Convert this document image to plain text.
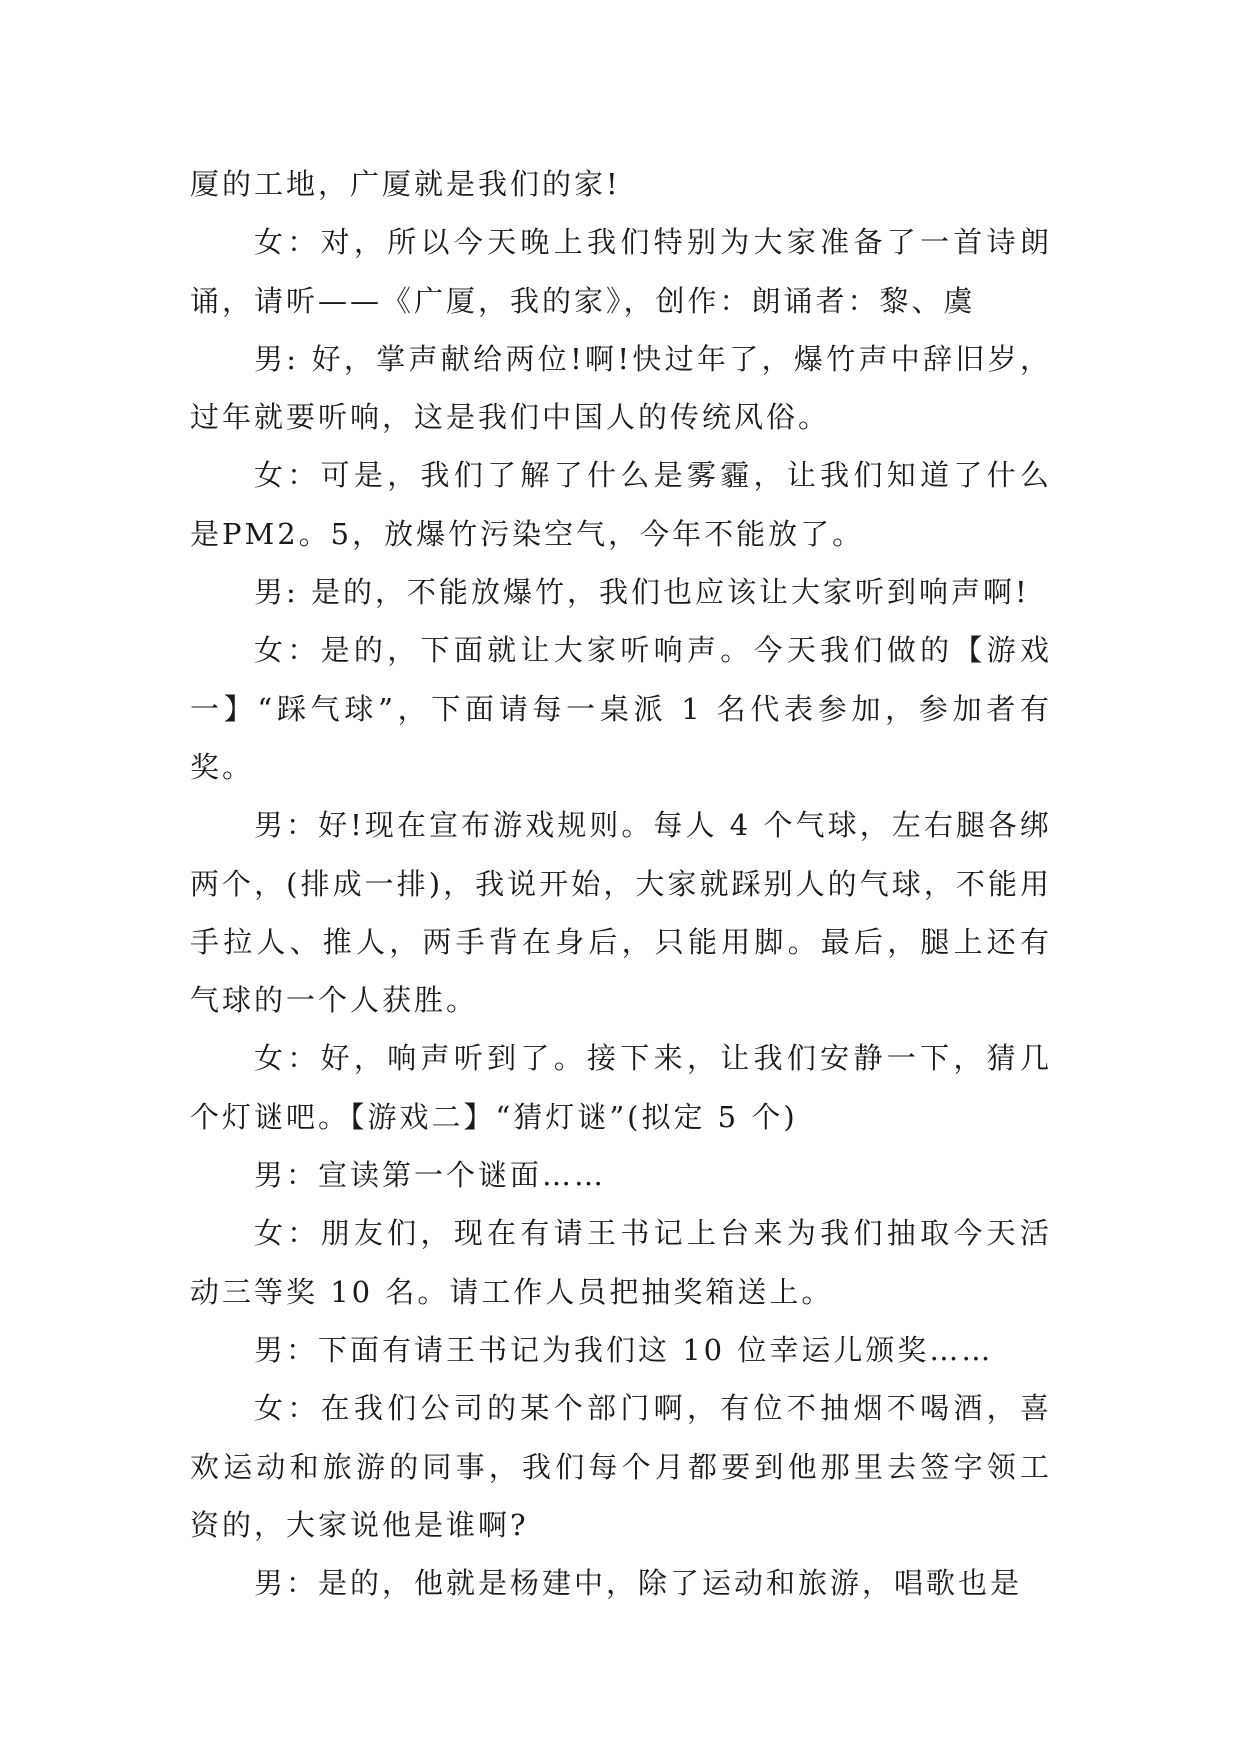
厦的工地，广厦就是我们的家!

女：对，所以今天晚上我们特别为大家准备了一首诗朗诵，请听——《广厦，我的家》，创作：朗诵者：黎、虞

男: 好，掌声献给两位!啊!快过年了，爆竹声中辞旧岁，过年就要听响，这是我们中国人的传统风俗。

女：可是，我们了解了什么是雾霾，让我们知道了什么是PM2。5，放爆竹污染空气，今年不能放了。

男: 是的，不能放爆竹，我们也应该让大家听到响声啊!

女：是的，下面就让大家听响声。今天我们做的【游戏一】“踩气球”，下面请每一桌派 1 名代表参加，参加者有奖。

男：好!现在宣布游戏规则。每人 4 个气球，左右腿各绑两个，(排成一排)，我说开始，大家就踩别人的气球，不能用手拉人、推人，两手背在身后，只能用脚。最后，腿上还有气球的一个人获胜。

女：好，响声听到了。接下来，让我们安静一下，猜几个灯谜吧。【游戏二】“猜灯谜”(拟定 5 个)

男：宣读第一个谜面……

女：朋友们，现在有请王书记上台来为我们抽取今天活动三等奖 10 名。请工作人员把抽奖箱送上。

男：下面有请王书记为我们这 10 位幸运儿颁奖……

女：在我们公司的某个部门啊，有位不抽烟不喝酒，喜欢运动和旅游的同事，我们每个月都要到他那里去签字领工资的，大家说他是谁啊?

男：是的，他就是杨建中，除了运动和旅游，唱歌也是
